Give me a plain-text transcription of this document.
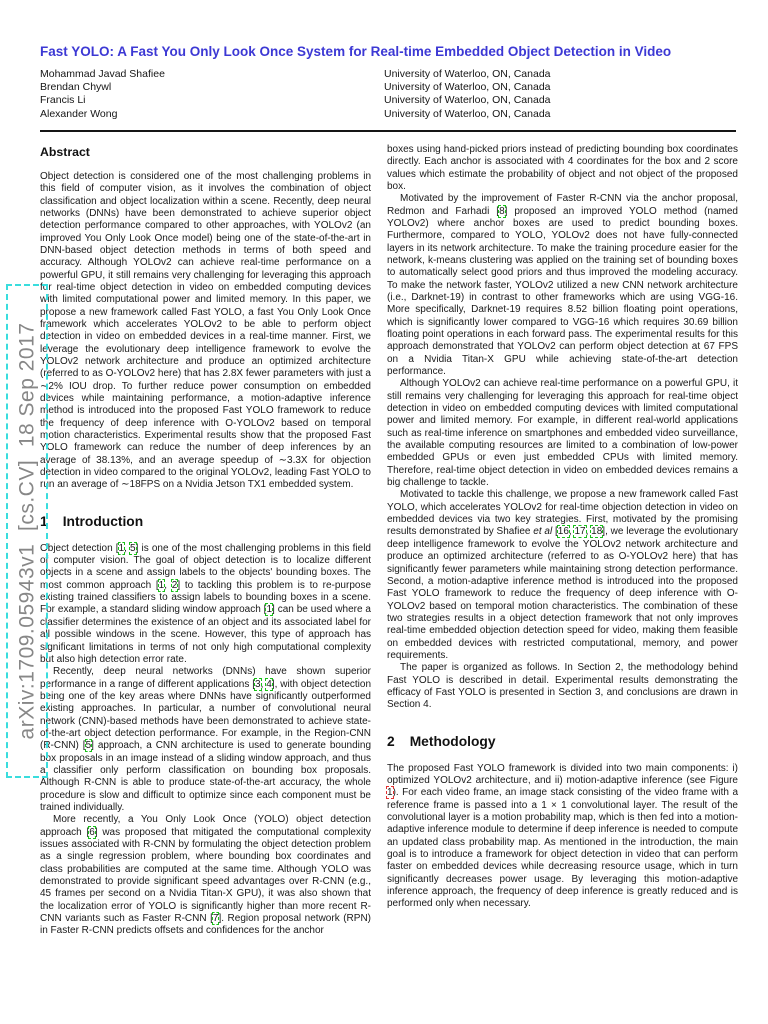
arXiv:1709.05943v1  [cs.CV]  18 Sep 2017
Fast YOLO: A Fast You Only Look Once System for Real-time Embedded Object Detection in Video
Mohammad Javad Shafiee	University of Waterloo, ON, Canada
Brendan Chywl	University of Waterloo, ON, Canada
Francis Li	University of Waterloo, ON, Canada
Alexander Wong	University of Waterloo, ON, Canada
Abstract

Object detection is considered one of the most challenging problems in this field of computer vision, as it involves the combination of object classification and object localization within a scene. Recently, deep neural networks (DNNs) have been demonstrated to achieve superior object detection performance compared to other approaches, with YOLOv2 (an improved You Only Look Once model) being one of the state-of-the-art in DNN-based object detection methods in terms of both speed and accuracy. Although YOLOv2 can achieve real-time performance on a powerful GPU, it still remains very challenging for leveraging this approach for real-time object detection in video on embedded computing devices with limited computational power and limited memory. In this paper, we propose a new framework called Fast YOLO, a fast You Only Look Once framework which accelerates YOLOv2 to be able to perform object detection in video on embedded devices in a real-time manner. First, we leverage the evolutionary deep intelligence framework to evolve the YOLOv2 network architecture and produce an optimized architecture (referred to as O-YOLOv2 here) that has 2.8X fewer parameters with just a ∼2% IOU drop. To further reduce power consumption on embedded devices while maintaining performance, a motion-adaptive inference method is introduced into the proposed Fast YOLO framework to reduce the frequency of deep inference with O-YOLOv2 based on temporal motion characteristics. Experimental results show that the proposed Fast YOLO framework can reduce the number of deep inferences by an average of 38.13%, and an average speedup of ∼3.3X for objection detection in video compared to the original YOLOv2, leading Fast YOLO to run an average of ∼18FPS on a Nvidia Jetson TX1 embedded system.

1 Introduction

Object detection [1, 5] is one of the most challenging problems in this field of computer vision. The goal of object detection is to localize different objects in a scene and assign labels to the objects' bounding boxes. The most common approach [1, 2] to tackling this problem is to re-purpose existing trained classifiers to assign labels to bounding boxes in a scene. For example, a standard sliding window approach [1] can be used where a classifier determines the existence of an object and its associated label for all possible windows in the scene. However, this type of approach has significant limitations in terms of not only high computational complexity but also high detection error rate.

Recently, deep neural networks (DNNs) have shown superior performance in a range of different applications [3, 4], with object detection being one of the key areas where DNNs have significantly outperformed existing approaches. In particular, a number of convolutional neural network (CNN)-based methods have been demonstrated to achieve state-of-the-art object detection performance. For example, in the Region-CNN (R-CNN) [5] approach, a CNN architecture is used to generate bounding box proposals in an image instead of a sliding window approach, and thus a classifier only perform classification on bounding box proposals. Although R-CNN is able to produce state-of-the-art accuracy, the whole procedure is slow and difficult to optimize since each component must be trained individually.

More recently, a You Only Look Once (YOLO) object detection approach [6] was proposed that mitigated the computational complexity issues associated with R-CNN by formulating the object detection problem as a single regression problem, where bounding box coordinates and class probabilities are computed at the same time. Although YOLO was demonstrated to provide significant speed advantages over R-CNN (e.g., 45 frames per second on a Nvidia Titan-X GPU), it was also shown that the localization error of YOLO is significantly higher than more recent R-CNN variants such as Faster R-CNN [7]. Region proposal network (RPN) in Faster R-CNN predicts offsets and confidences for the anchor

boxes using hand-picked priors instead of predicting bounding box coordinates directly. Each anchor is associated with 4 coordinates for the box and 2 score values which estimate the probability of object and not object of the proposed box.

Motivated by the improvement of Faster R-CNN via the anchor proposal, Redmon and Farhadi [8] proposed an improved YOLO method (named YOLOv2) where anchor boxes are used to predict bounding boxes. Furthermore, compared to YOLO, YOLOv2 does not have fully-connected layers in its network architecture. To make the training procedure easier for the network, k-means clustering was applied on the training set of bounding boxes to automatically select good priors and thus improved the modeling accuracy. To make the network faster, YOLOv2 utilized a new CNN network architecture (i.e., Darknet-19) in contrast to other frameworks which are using VGG-16. More specifically, Darknet-19 requires 8.52 billion floating point operations, which is significantly lower compared to VGG-16 which requires 30.69 billion floating point operations in each forward pass. The experimental results for this approach demonstrated that YOLOv2 can perform object detection at 67 FPS on a Nvidia Titan-X GPU while achieving state-of-the-art detection performance.

Although YOLOv2 can achieve real-time performance on a powerful GPU, it still remains very challenging for leveraging this approach for real-time object detection in video on embedded computing devices with limited computational power and limited memory. For example, in different real-world applications such as real-time inference on smartphones and embedded video surveillance, the available computing resources are limited to a combination of low-power embedded GPUs or even just embedded CPUs with limited memory. Therefore, real-time object detection in video on embedded devices remains a big challenge to tackle.

Motivated to tackle this challenge, we propose a new framework called Fast YOLO, which accelerates YOLOv2 for real-time objection detection in video on embedded devices via two key strategies. First, motivated by the promising results demonstrated by Shafiee et al [16, 17, 18], we leverage the evolutionary deep intelligence framework to evolve the YOLOv2 network architecture and produce an optimized architecture (referred to as O-YOLOv2 here) that has significantly fewer parameters while maintaining strong detection performance. Second, a motion-adaptive inference method is introduced into the proposed Fast YOLO framework to reduce the frequency of deep inference with O-YOLOv2 based on temporal motion characteristics. The combination of these two strategies results in a object detection framework that not only improves real-time embedded objection detection speed for video, making them feasible on embedded devices with restricted computational, memory, and power requirements.

The paper is organized as follows. In Section 2, the methodology behind Fast YOLO is described in detail. Experimental results demonstrating the efficacy of Fast YOLO is presented in Section 3, and conclusions are drawn in Section 4.

2 Methodology

The proposed Fast YOLO framework is divided into two main components: i) optimized YOLOv2 architecture, and ii) motion-adaptive inference (see Figure 1). For each video frame, an image stack consisting of the video frame with a reference frame is passed into a 1 × 1 convolutional layer. The result of the convolutional layer is a motion probability map, which is then fed into a motion-adaptive inference module to determine if deep inference is needed to compute an updated class probability map. As mentioned in the introduction, the main goal is to introduce a framework for object detection in video that can perform faster on embedded devices while decreasing resource usage, which in turn significantly decreases power usage. By leveraging this motion-adaptive inference approach, the frequency of deep inference is greatly reduced and is performed only when necessary.
